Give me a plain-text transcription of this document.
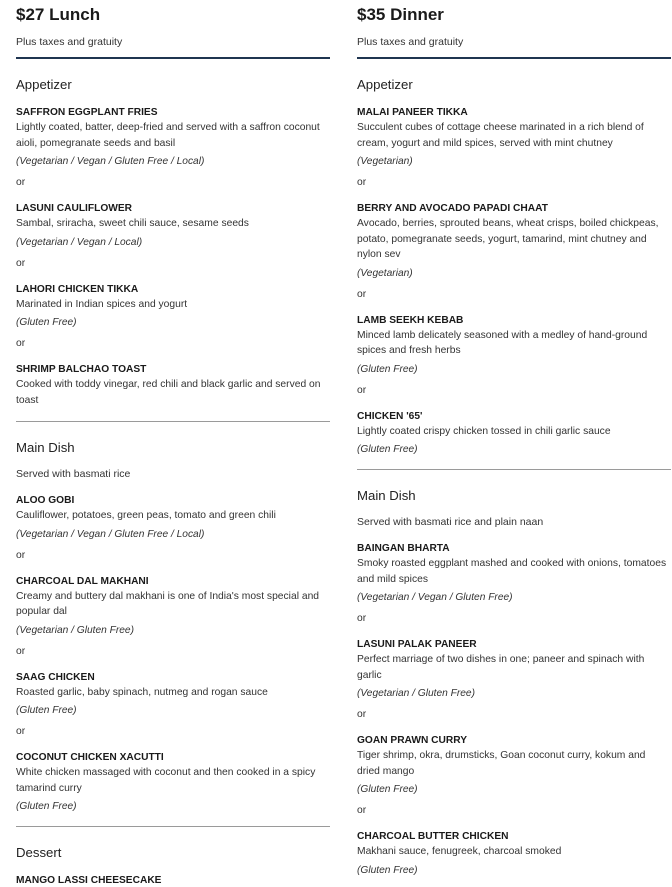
$27 Lunch
Plus taxes and gratuity
Appetizer
SAFFRON EGGPLANT FRIES
Lightly coated, batter, deep-fried and served with a saffron coconut aioli, pomegranate seeds and basil
(Vegetarian / Vegan / Gluten Free / Local)
or
LASUNI CAULIFLOWER
Sambal, sriracha, sweet chili sauce, sesame seeds
(Vegetarian / Vegan / Local)
or
LAHORI CHICKEN TIKKA
Marinated in Indian spices and yogurt
(Gluten Free)
or
SHRIMP BALCHAO TOAST
Cooked with toddy vinegar, red chili and black garlic and served on toast
Main Dish
Served with basmati rice
ALOO GOBI
Cauliflower, potatoes, green peas, tomato and green chili
(Vegetarian / Vegan / Gluten Free / Local)
or
CHARCOAL DAL MAKHANI
Creamy and buttery dal makhani is one of India's most special and popular dal
(Vegetarian / Gluten Free)
or
SAAG CHICKEN
Roasted garlic, baby spinach, nutmeg and rogan sauce
(Gluten Free)
or
COCONUT CHICKEN XACUTTI
White chicken massaged with coconut and then cooked in a spicy tamarind curry
(Gluten Free)
Dessert
MANGO LASSI CHEESECAKE
$35 Dinner
Plus taxes and gratuity
Appetizer
MALAI PANEER TIKKA
Succulent cubes of cottage cheese marinated in a rich blend of cream, yogurt and mild spices, served with mint chutney
(Vegetarian)
or
BERRY AND AVOCADO PAPADI CHAAT
Avocado, berries, sprouted beans, wheat crisps, boiled chickpeas, potato, pomegranate seeds, yogurt, tamarind, mint chutney and nylon sev
(Vegetarian)
or
LAMB SEEKH KEBAB
Minced lamb delicately seasoned with a medley of hand-ground spices and fresh herbs
(Gluten Free)
or
CHICKEN '65'
Lightly coated crispy chicken tossed in chili garlic sauce
(Gluten Free)
Main Dish
Served with basmati rice and plain naan
BAINGAN BHARTA
Smoky roasted eggplant mashed and cooked with onions, tomatoes and mild spices
(Vegetarian / Vegan / Gluten Free)
or
LASUNI PALAK PANEER
Perfect marriage of two dishes in one; paneer and spinach with garlic
(Vegetarian / Gluten Free)
or
GOAN PRAWN CURRY
Tiger shrimp, okra, drumsticks, Goan coconut curry, kokum and dried mango
(Gluten Free)
or
CHARCOAL BUTTER CHICKEN
Makhani sauce, fenugreek, charcoal smoked
(Gluten Free)
